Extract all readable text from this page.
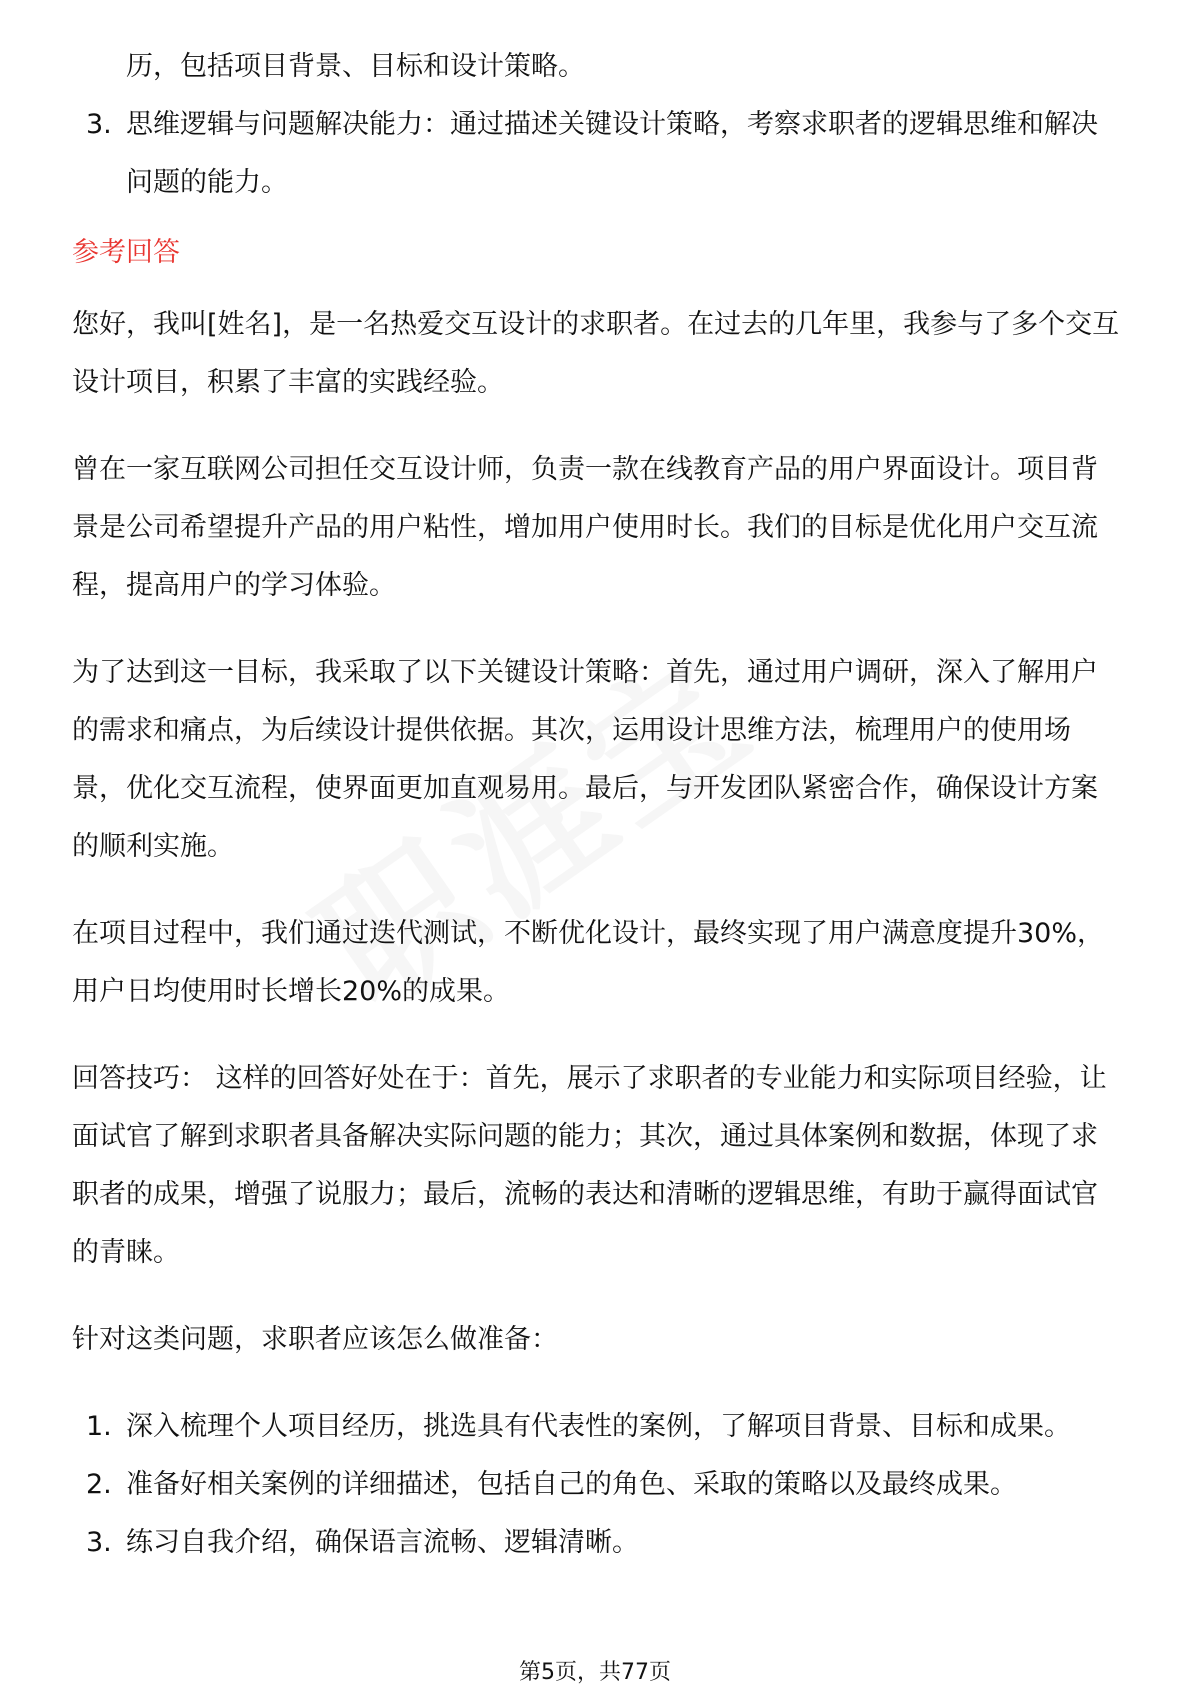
历，包括项目背景、目标和设计策略。
3. 思维逻辑与问题解决能力：通过描述关键设计策略，考察求职者的逻辑思维和解决问题的能力。
参考回答

您好，我叫[姓名]，是一名热爱交互设计的求职者。在过去的几年里，我参与了多个交互设计项目，积累了丰富的实践经验。

曾在一家互联网公司担任交互设计师，负责一款在线教育产品的用户界面设计。项目背景是公司希望提升产品的用户粘性，增加用户使用时长。我们的目标是优化用户交互流程，提高用户的学习体验。

为了达到这一目标，我采取了以下关键设计策略：首先，通过用户调研，深入了解用户的需求和痛点，为后续设计提供依据。其次，运用设计思维方法，梳理用户的使用场景，优化交互流程，使界面更加直观易用。最后，与开发团队紧密合作，确保设计方案的顺利实施。

在项目过程中，我们通过迭代测试，不断优化设计，最终实现了用户满意度提升30%，用户日均使用时长增长20%的成果。

回答技巧： 这样的回答好处在于：首先，展示了求职者的专业能力和实际项目经验，让面试官了解到求职者具备解决实际问题的能力；其次，通过具体案例和数据，体现了求职者的成果，增强了说服力；最后，流畅的表达和清晰的逻辑思维，有助于赢得面试官的青睐。

针对这类问题，求职者应该怎么做准备：

1. 深入梳理个人项目经历，挑选具有代表性的案例，了解项目背景、目标和成果。
2. 准备好相关案例的详细描述，包括自己的角色、采取的策略以及最终成果。
3. 练习自我介绍，确保语言流畅、逻辑清晰。
第5页，共77页
